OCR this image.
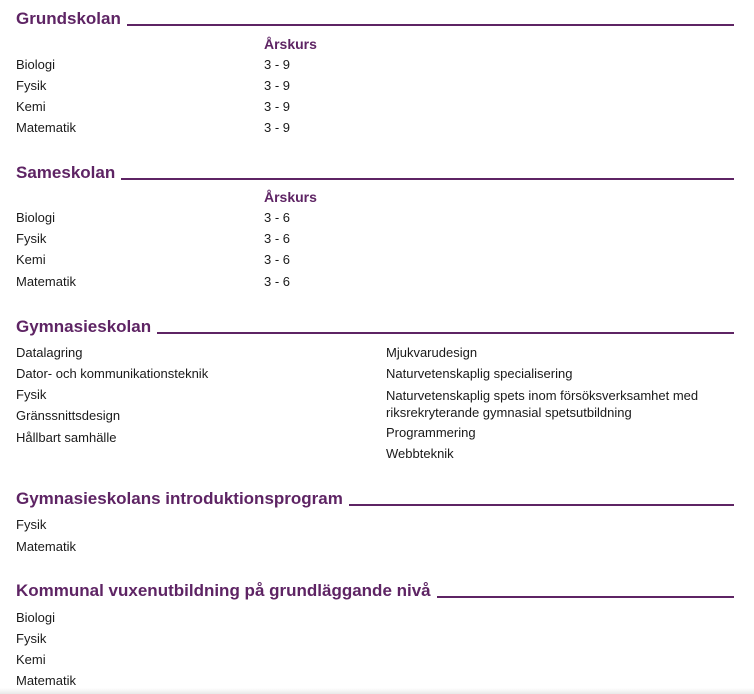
Grundskolan
Årskurs
Biologi	3 - 9
Fysik	3 - 9
Kemi	3 - 9
Matematik	3 - 9
Sameskolan
Årskurs
Biologi	3 - 6
Fysik	3 - 6
Kemi	3 - 6
Matematik	3 - 6
Gymnasieskolan
Datalagring
Dator- och kommunikationsteknik
Fysik
Gränssnittsdesign
Hållbart samhälle
Mjukvarudesign
Naturvetenskaplig specialisering
Naturvetenskaplig spets inom försöksverksamhet med riksrekryterande gymnasial spetsutbildning
Programmering
Webbteknik
Gymnasieskolans introduktionsprogram
Fysik
Matematik
Kommunal vuxenutbildning på grundläggande nivå
Biologi
Fysik
Kemi
Matematik
